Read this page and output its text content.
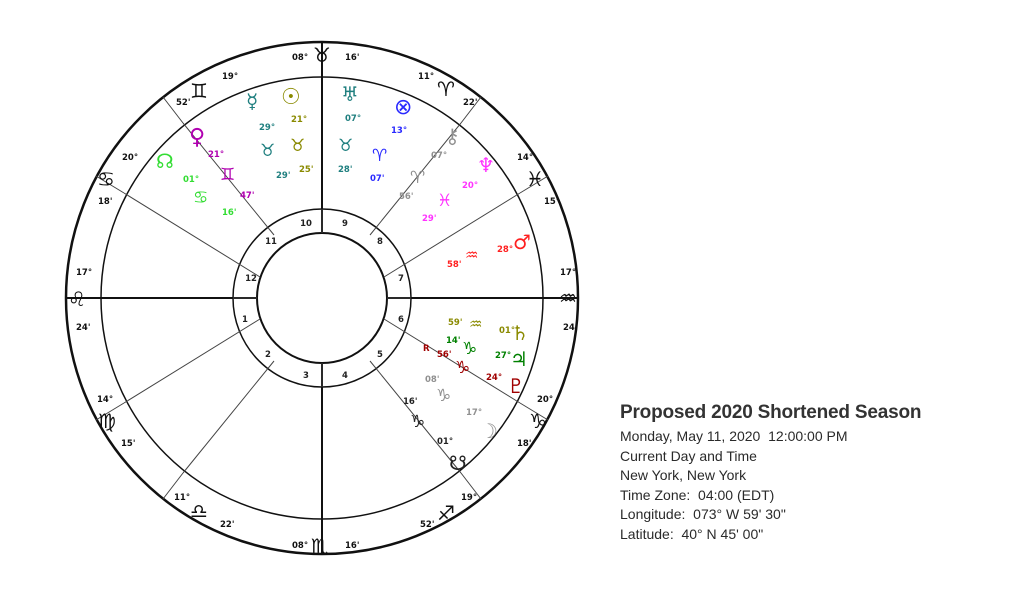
1
2
3	4
5
6
7
8
9
10
11
12
17°
♌
24'
14°
♍
15'
11°
♎
22'
08° ♏ 16'
19°
♐
52'
20°
♑
18'
17°
♒
24'
14°
♓
15'
11° ♈
22'
08° ♉ 16'
19°
♊
52'
20°
♋
18'
☿
29°
♉
29'
☉
21°
♉
25'
♅
07°
♉
28'
⊗
13°
♈
07'
⚷
07°
♈
56'
♆
20°
♓
29'
♂
28°
♒
58'
♀
21°
♊
47'
☊
01°
♋
16'
♄
01°
♒
59'
♃
27°
♑
14'
♇
24°
♑
56'
R
☽
17°
♑
08'
☋
01°
♑
16'	Proposed 2020 Shortened Season
Monday, May 11, 2020  12:00:00 PM
Current Day and Time
New York, New York
Time Zone:  04:00 (EDT)
Longitude:  073° W 59' 30"
Latitude:  40° N 45' 00"
